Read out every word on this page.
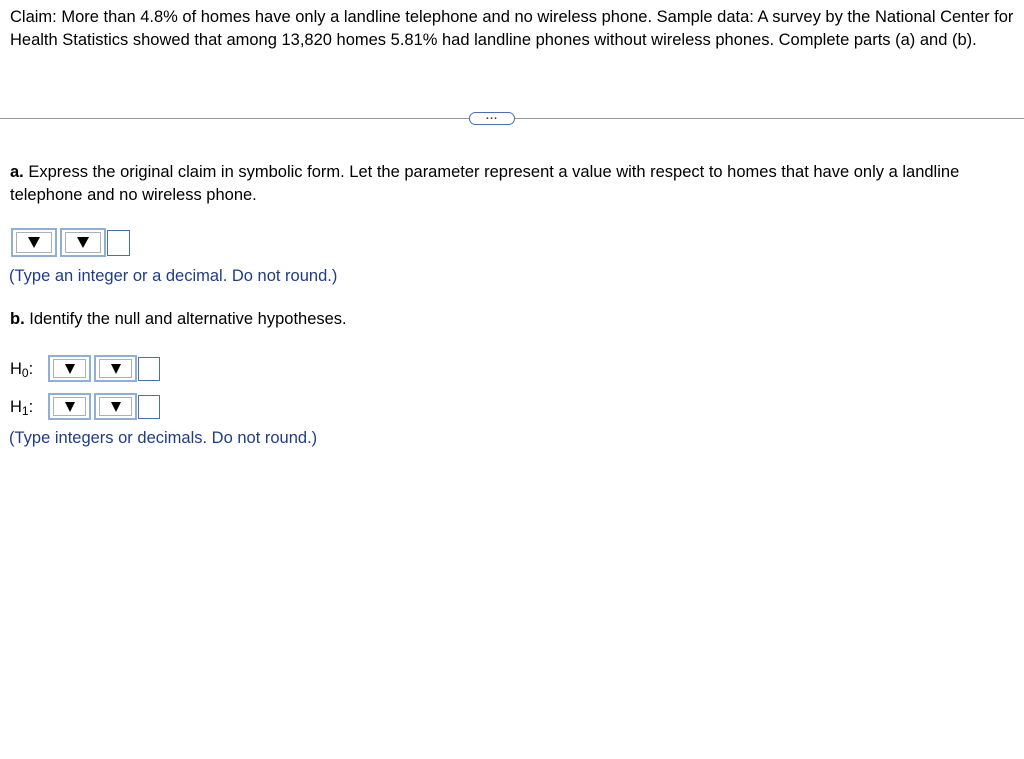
Claim: More than 4.8% of homes have only a landline telephone and no wireless phone. Sample data: A survey by the National Center for Health Statistics showed that among 13,820 homes 5.81% had landline phones without wireless phones. Complete parts (a) and (b).
...
a. Express the original claim in symbolic form. Let the parameter represent a value with respect to homes that have only a landline telephone and no wireless phone.
(Type an integer or a decimal. Do not round.)
b. Identify the null and alternative hypotheses.
$H_0$:
$H_1$:
(Type integers or decimals. Do not round.)
